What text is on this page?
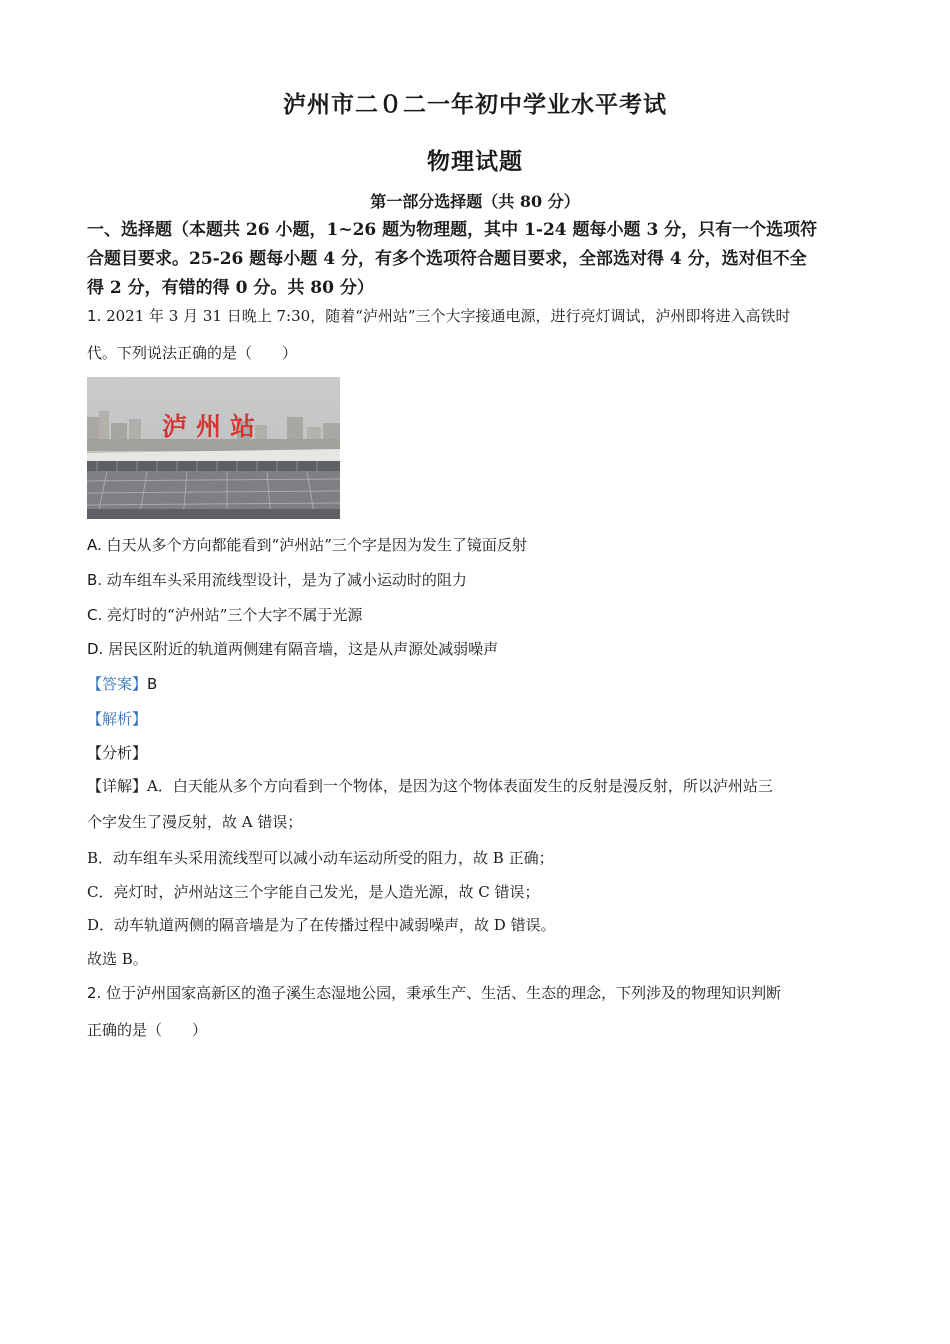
泸州市二０二一年初中学业水平考试
物理试题
第一部分选择题（共 80 分）
一、选择题（本题共 26 小题，1~26 题为物理题，其中 1-24 题每小题 3 分，只有一个选项符
合题目要求。25-26 题每小题 4 分，有多个选项符合题目要求，全部选对得 4 分，选对但不全
得 2 分，有错的得 0 分。共 80 分）
1. 2021 年 3 月 31 日晚上 7:30，随着“泸州站”三个大字接通电源，进行亮灯调试，泸州即将进入高铁时
代。下列说法正确的是（　　）
泸州站
A. 白天从多个方向都能看到“泸州站”三个字是因为发生了镜面反射
B. 动车组车头采用流线型设计，是为了减小运动时的阻力
C. 亮灯时的“泸州站”三个大字不属于光源
D. 居民区附近的轨道两侧建有隔音墙，这是从声源处减弱噪声
【答案】B
【解析】
【分析】
【详解】A．白天能从多个方向看到一个物体，是因为这个物体表面发生的反射是漫反射，所以泸州站三
个字发生了漫反射，故 A 错误；
B．动车组车头采用流线型可以减小动车运动所受的阻力，故 B 正确；
C．亮灯时，泸州站这三个字能自己发光，是人造光源，故 C 错误；
D．动车轨道两侧的隔音墙是为了在传播过程中减弱噪声，故 D 错误。
故选 B。
2. 位于泸州国家高新区的渔子溪生态湿地公园，秉承生产、生活、生态的理念，下列涉及的物理知识判断
正确的是（　　）
